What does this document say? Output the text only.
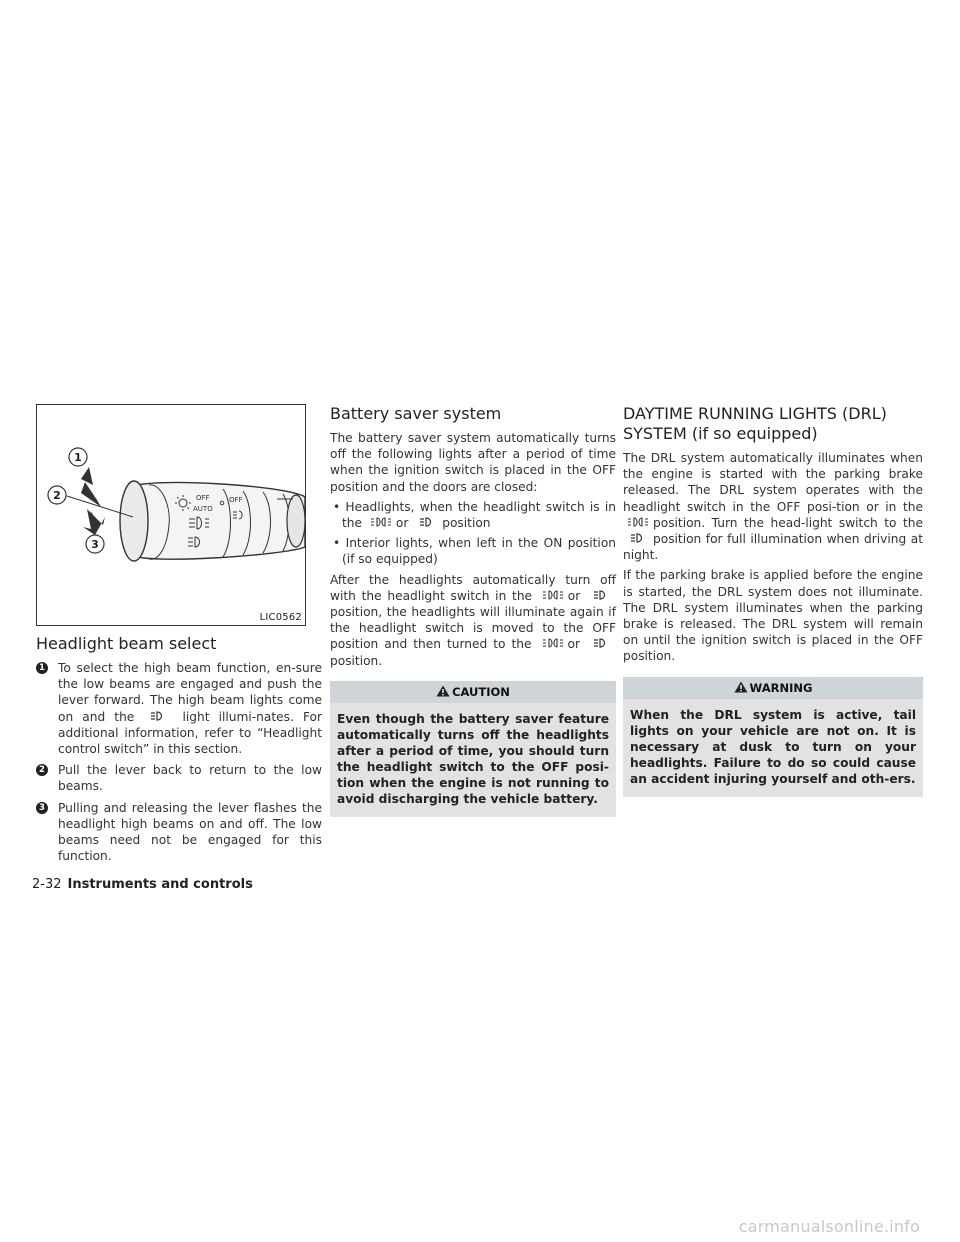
OFF
AUTO
OFF
1
2
3
LIC0562
Headlight beam select
1 To select the high beam function, en-sure the low beams are engaged and push the lever forward. The high beam lights come on and the	light illumi-nates. For additional information, refer to “Headlight control switch” in this section.
2 Pull the lever back to return to the low beams.
3 Pulling and releasing the lever flashes the headlight high beams on and off. The low beams need not be engaged for this function.
Battery saver system

The battery saver system automatically turns off the following lights after a period of time when the ignition switch is placed in the OFF position and the doors are closed:

• Headlights, when the headlight switch is in the	or	position

• Interior lights, when left in the ON position (if so equipped)

After the headlights automatically turn off with the headlight switch in the	or
position, the headlights will illuminate again if the headlight switch is moved to the OFF position and then turned to the	or
position.

CAUTION
Even though the battery saver feature automatically turns off the headlights after a period of time, you should turn the headlight switch to the OFF posi-tion when the engine is not running to avoid discharging the vehicle battery.
DAYTIME RUNNING LIGHTS (DRL) SYSTEM (if so equipped)

The DRL system automatically illuminates when the engine is started with the parking brake released. The DRL system operates with the headlight switch in the OFF posi-tion or in the
position. Turn the head-light switch to the
position for full illumination when driving at night.

If the parking brake is applied before the engine is started, the DRL system does not illuminate. The DRL system illuminates when the parking brake is released. The DRL system will remain on until the ignition switch is placed in the OFF position.

WARNING
When the DRL system is active, tail lights on your vehicle are not on. It is necessary at dusk to turn on your headlights. Failure to do so could cause an accident injuring yourself and oth-ers.
2-32 Instruments and controls
carmanualsonline.info
